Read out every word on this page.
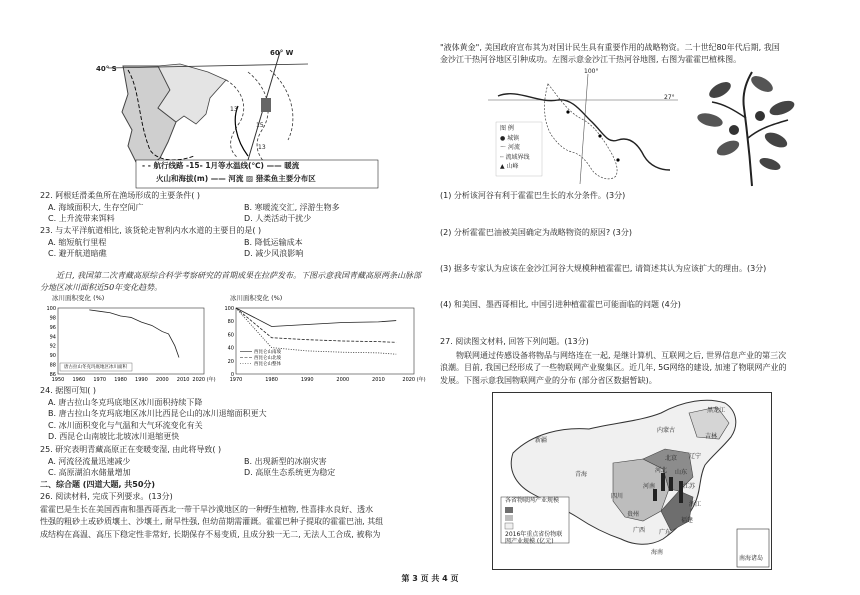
40° S
60° W
13
15
13
- - 航行线路 -15- 1月等水温线(℃) —— 暖流
火山和海拔(m) —— 河流 ▨ 猎柔鱼主要分布区
22. 阿根廷滑柔鱼所在渔场形成的主要条件( )
A. 海域面积大, 生存空间广	B. 寒暖流交汇, 浮游生物多
C. 上升流带来饵料	D. 人类活动干扰少
23. 与太平洋航道相比, 该货轮走智利内水水道的主要目的是( )
A. 缩短航行里程	B. 降低运输成本
C. 避开航道暗礁	D. 减少风浪影响
近日, 我国第二次青藏高原综合科学考察研究的首期成果在拉萨发布。下图示意我国青藏高原两条山脉部分地区冰川面积近50年变化趋势。
100
98
96
94
92
90
88
86
1950 1960 1970 1980 1990 2000 2010 2020 (年)
唐古拉山冬克玛底地区冰川面积
冰川面积变化 (%)
100
80
60
40
20
0
1970	1980	1990	2000	2010	2020 (年)
西昆仑山南坡
西昆仑山北坡
西昆仑山整体
冰川面积变化 (%)
24. 据图可知( )
A. 唐古拉山冬克玛底地区冰川面积持续下降
B. 唐古拉山冬克玛底地区冰川比西昆仑山的冰川退缩面积更大
C. 冰川面积变化与气温和大气环流变化有关
D. 西昆仑山南坡比北坡冰川退缩更快
25. 研究表明青藏高原正在变暖变湿, 由此将导致( )
A. 河流径流量迅速减少	B. 出现新型的冰崩灾害
C. 高原湖泊水储量增加	D. 高原生态系统更为稳定
二、综合题 (四道大题, 共50分)
26. 阅读材料, 完成下列要求。(13分)
霍霍巴是生长在美国西南和墨西哥西北一带干旱沙漠地区的一种野生植物, 性喜排水良好、透水
性强的粗砂土或砂质壤土、沙壤土, 耐旱性强, 但幼苗期需灌溉。霍霍巴种子提取的霍霍巴油, 其组
成结构在高温、高压下稳定性非常好, 长期保存不易变质, 且成分独一无二, 无法人工合成, 被称为
"液体黄金", 美国政府宣布其为对国计民生具有重要作用的战略物资。二十世纪80年代后期, 我国
金沙江干热河谷地区引种成功。左图示意金沙江干热河谷地图, 右图为霍霍巴植株图。
100°
27°
图 例
● 城镇
～ 河流
┄ 流域界线
▲ 山峰
(1) 分析该河谷有利于霍霍巴生长的水分条件。(3分)
(2) 分析霍霍巴油被美国确定为战略物资的原因? (3分)
(3) 据多专家认为应该在金沙江河谷大规模种植霍霍巴, 请简述其认为应该扩大的理由。(3分)
(4) 和美国、墨西哥相比, 中国引进种植霍霍巴可能面临的问题 (4分)
27. 阅读图文材料, 回答下列问题。(13分)
物联网通过传感设备将物品与网络连在一起, 是继计算机、互联网之后, 世界信息产业的第三次
浪潮。目前, 我国已经形成了一些物联网产业聚集区。近几年, 5G网络的建设, 加速了物联网产业的
发展。下图示意我国物联网产业的分布 (部分省区数据暂缺)。
黑龙江
吉林
辽宁
内蒙古
新疆
北京
河北 山东
河南	江苏
浙江
福建
广东
广西
海南
四川
贵州
青海
各省物联网产业规模
2016年重点省份物联网产业规模 (亿元)
南海诸岛
第 3 页 共 4 页
